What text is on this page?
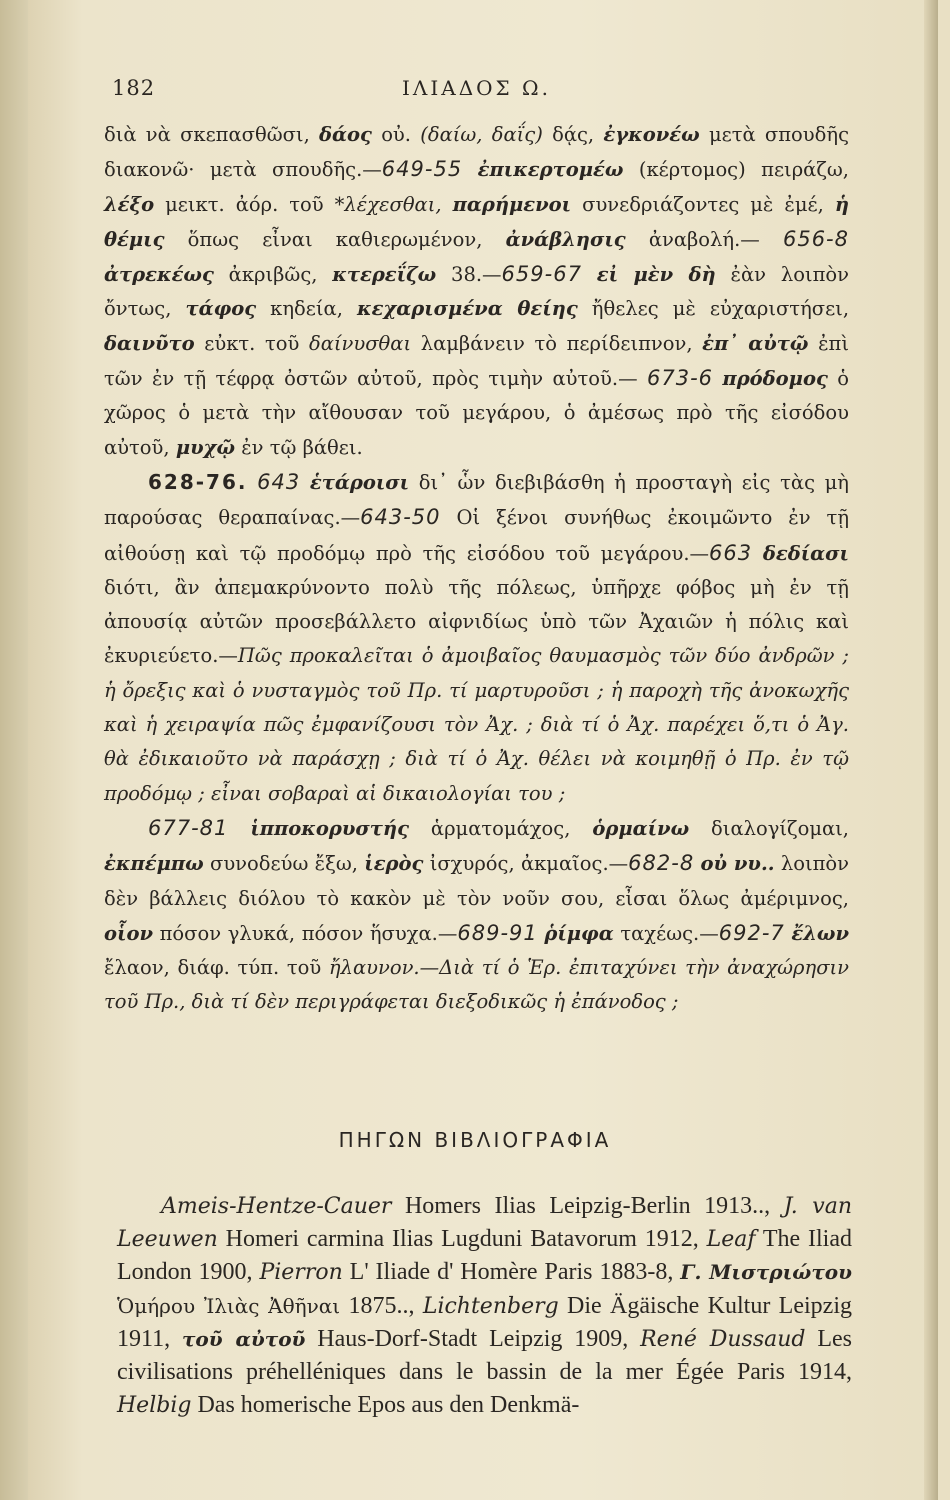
182	ΙΛΙΑΔΟΣ Ω.

διὰ νὰ σκεπασθῶσι, δάος οὐ. (δαίω, δαΐς) δᾴς, ἐγκονέω μετὰ σπουδῆς διακονῶ· μετὰ σπουδῆς.—649-55 ἐπικερτομέω (κέρτομος) πειράζω, λέξο μεικτ. ἀόρ. τοῦ *λέχεσθαι, παρήμενοι συνεδριάζοντες μὲ ἐμέ, ἡ θέμις ὅπως εἶναι καθιερωμένον, ἀνάβλησις ἀναβολή.— 656-8 ἀτρεκέως ἀκριβῶς, κτερεΐζω 38.—659-67 εἰ μὲν δὴ ἐὰν λοιπὸν ὄντως, τάφος κηδεία, κεχαρισμένα θείης ἤθελες μὲ εὐχαριστήσει, δαινῦτο εὐκτ. τοῦ δαίνυσθαι λαμβάνειν τὸ περίδειπνον, ἐπ᾽ αὐτῷ ἐπὶ τῶν ἐν τῇ τέφρᾳ ὀστῶν αὐτοῦ, πρὸς τιμὴν αὐτοῦ.— 673-6 πρόδομος ὁ χῶρος ὁ μετὰ τὴν αἴθουσαν τοῦ μεγάρου, ὁ ἀμέσως πρὸ τῆς εἰσόδου αὐτοῦ, μυχῷ ἐν τῷ βάθει.

628-76. 643 ἑτάροισι δι᾽ ὧν διεβιβάσθη ἡ προσταγὴ εἰς τὰς μὴ παρούσας θεραπαίνας.—643-50 Οἱ ξένοι συνήθως ἐκοιμῶντο ἐν τῇ αἰθούσῃ καὶ τῷ προδόμῳ πρὸ τῆς εἰσόδου τοῦ μεγάρου.—663 δεδίασι διότι, ἂν ἀπεμακρύνοντο πολὺ τῆς πόλεως, ὑπῆρχε φόβος μὴ ἐν τῇ ἀπουσίᾳ αὐτῶν προσεβάλλετο αἰφνιδίως ὑπὸ τῶν Ἀχαιῶν ἡ πόλις καὶ ἐκυριεύετο.—Πῶς προκαλεῖται ὁ ἀμοιβαῖος θαυμασμὸς τῶν δύο ἀνδρῶν ; ἡ ὄρεξις καὶ ὁ νυσταγμὸς τοῦ Πρ. τί μαρτυροῦσι ; ἡ παροχὴ τῆς ἀνοκωχῆς καὶ ἡ χειραψία πῶς ἐμφανίζουσι τὸν Ἀχ. ; διὰ τί ὁ Ἀχ. παρέχει ὅ,τι ὁ Ἀγ. θὰ ἐδικαιοῦτο νὰ παράσχῃ ; διὰ τί ὁ Ἀχ. θέλει νὰ κοιμηθῇ ὁ Πρ. ἐν τῷ προδόμῳ ; εἶναι σοβαραὶ αἱ δικαιολογίαι του ;

677-81 ἱπποκορυστής ἁρματομάχος, ὁρμαίνω διαλογίζομαι, ἐκπέμπω συνοδεύω ἔξω, ἱερὸς ἰσχυρός, ἀκμαῖος.—682-8 οὐ νυ.. λοιπὸν δὲν βάλλεις διόλου τὸ κακὸν μὲ τὸν νοῦν σου, εἶσαι ὅλως ἀμέριμνος, οἷον πόσον γλυκά, πόσον ἥσυχα.—689-91 ῥίμφα ταχέως.—692-7 ἔλων ἔλαον, διάφ. τύπ. τοῦ ἤλαυνον.—Διὰ τί ὁ Ἑρ. ἐπιταχύνει τὴν ἀναχώρησιν τοῦ Πρ., διὰ τί δὲν περιγράφεται διεξοδικῶς ἡ ἐπάνοδος ;

ΠΗΓΩΝ ΒΙΒΛΙΟΓΡΑΦΙΑ

Ameis-Hentze-Cauer Homers Ilias Leipzig-Berlin 1913.., J. van Leeuwen Homeri carmina Ilias Lugduni Batavorum 1912, Leaf The Iliad London 1900, Pierron L' Iliade d' Homère Paris 1883-8, Γ. Μιστριώτου Ὁμήρου Ἰλιὰς Ἀθῆναι 1875.., Lichtenberg Die Ägäische Kultur Leipzig 1911, τοῦ αὐτοῦ Haus-Dorf-Stadt Leipzig 1909, René Dussaud Les civilisations préhelléniques dans le bassin de la mer Égée Paris 1914, Helbig Das homerische Epos aus den Denkmä-
